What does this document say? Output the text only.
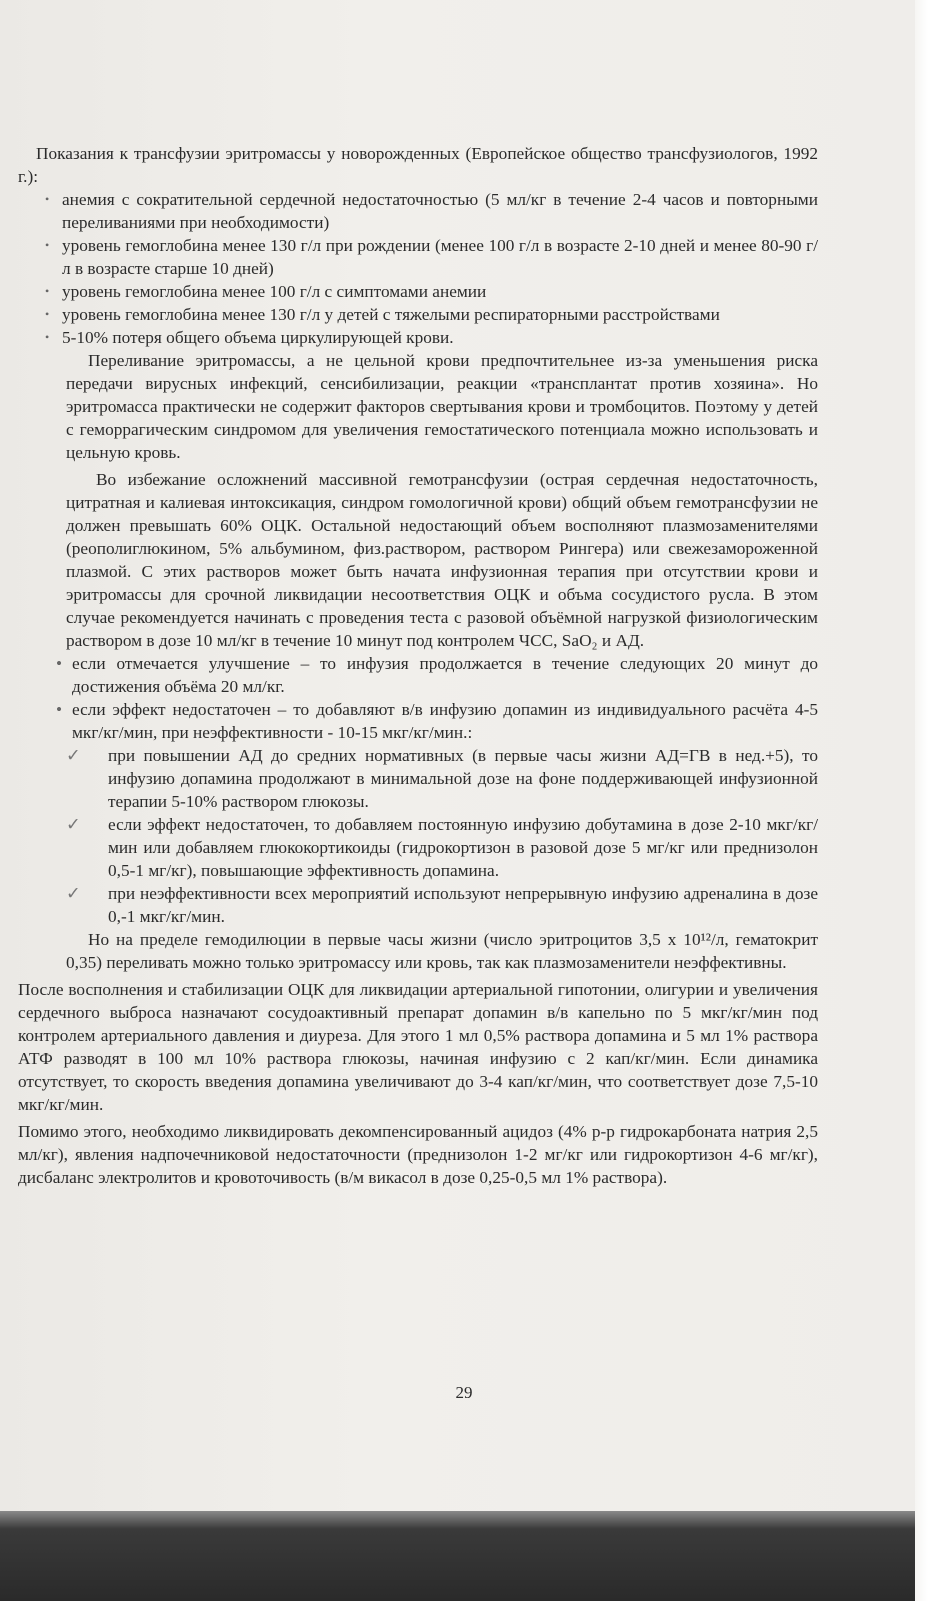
Показания к трансфузии эритромассы у новорожденных (Европейское общество трансфузиологов, 1992 г.):

• анемия с сократительной сердечной недостаточностью (5 мл/кг в течение 2-4 часов и повторными переливаниями при необходимости)
• уровень гемоглобина менее 130 г/л при рождении (менее 100 г/л в возрасте 2-10 дней и менее 80-90 г/л в возрасте старше 10 дней)
• уровень гемоглобина менее 100 г/л с симптомами анемии
• уровень гемоглобина менее 130 г/л у детей с тяжелыми респираторными расстройствами
• 5-10% потеря общего объема циркулирующей крови.

Переливание эритромассы, а не цельной крови предпочтительнее из-за уменьшения риска передачи вирусных инфекций, сенсибилизации, реакции «трансплантат против хозяина». Но эритромасса практически не содержит факторов свертывания крови и тромбоцитов. Поэтому у детей с геморрагическим синдромом для увеличения гемостатического потенциала можно использовать и цельную кровь.

Во избежание осложнений массивной гемотрансфузии (острая сердечная недостаточность, цитратная и калиевая интоксикация, синдром гомологичной крови) общий объем гемотрансфузии не должен превышать 60% ОЦК. Остальной недостающий объем восполняют плазмозаменителями (реополиглюкином, 5% альбумином, физ.раствором, раствором Рингера) или свежезамороженной плазмой. С этих растворов может быть начата инфузионная терапия при отсутствии крови и эритромассы для срочной ликвидации несоответствия ОЦК и объма сосудистого русла. В этом случае рекомендуется начинать с проведения теста с разовой объёмной нагрузкой физиологическим раствором в дозе 10 мл/кг в течение 10 минут под контролем ЧСС, SaO₂ и АД.

• если отмечается улучшение – то инфузия продолжается в течение следующих 20 минут до достижения объёма 20 мл/кг.
• если эффект недостаточен – то добавляют в/в инфузию допамин из индивидуального расчёта 4-5 мкг/кг/мин, при неэффективности - 10-15 мкг/кг/мин.:
✓ при повышении АД до средних нормативных (в первые часы жизни АД=ГВ в нед.+5), то инфузию допамина продолжают в минимальной дозе на фоне поддерживающей инфузионной терапии 5-10% раствором глюкозы.
✓ если эффект недостаточен, то добавляем постоянную инфузию добутамина в дозе 2-10 мкг/кг/мин или добавляем глюкокортикоиды (гидрокортизон в разовой дозе 5 мг/кг или преднизолон 0,5-1 мг/кг), повышающие эффективность допамина.
✓ при неэффективности всех мероприятий используют непрерывную инфузию адреналина в дозе 0,-1 мкг/кг/мин.

Но на пределе гемодилюции в первые часы жизни (число эритроцитов 3,5 х 10¹²/л, гематокрит 0,35) переливать можно только эритромассу или кровь, так как плазмозаменители неэффективны.

После восполнения и стабилизации ОЦК для ликвидации артериальной гипотонии, олигурии и увеличения сердечного выброса назначают сосудоактивный препарат допамин в/в капельно по 5 мкг/кг/мин под контролем артериального давления и диуреза. Для этого 1 мл 0,5% раствора допамина и 5 мл 1% раствора АТФ разводят в 100 мл 10% раствора глюкозы, начиная инфузию с 2 кап/кг/мин. Если динамика отсутствует, то скорость введения допамина увеличивают до 3-4 кап/кг/мин, что соответствует дозе 7,5-10 мкг/кг/мин.

Помимо этого, необходимо ликвидировать декомпенсированный ацидоз (4% р-р гидрокарбоната натрия 2,5 мл/кг), явления надпочечниковой недостаточности (преднизолон 1-2 мг/кг или гидрокортизон 4-6 мг/кг), дисбаланс электролитов и кровоточивость (в/м викасол в дозе 0,25-0,5 мл 1% раствора).

29
